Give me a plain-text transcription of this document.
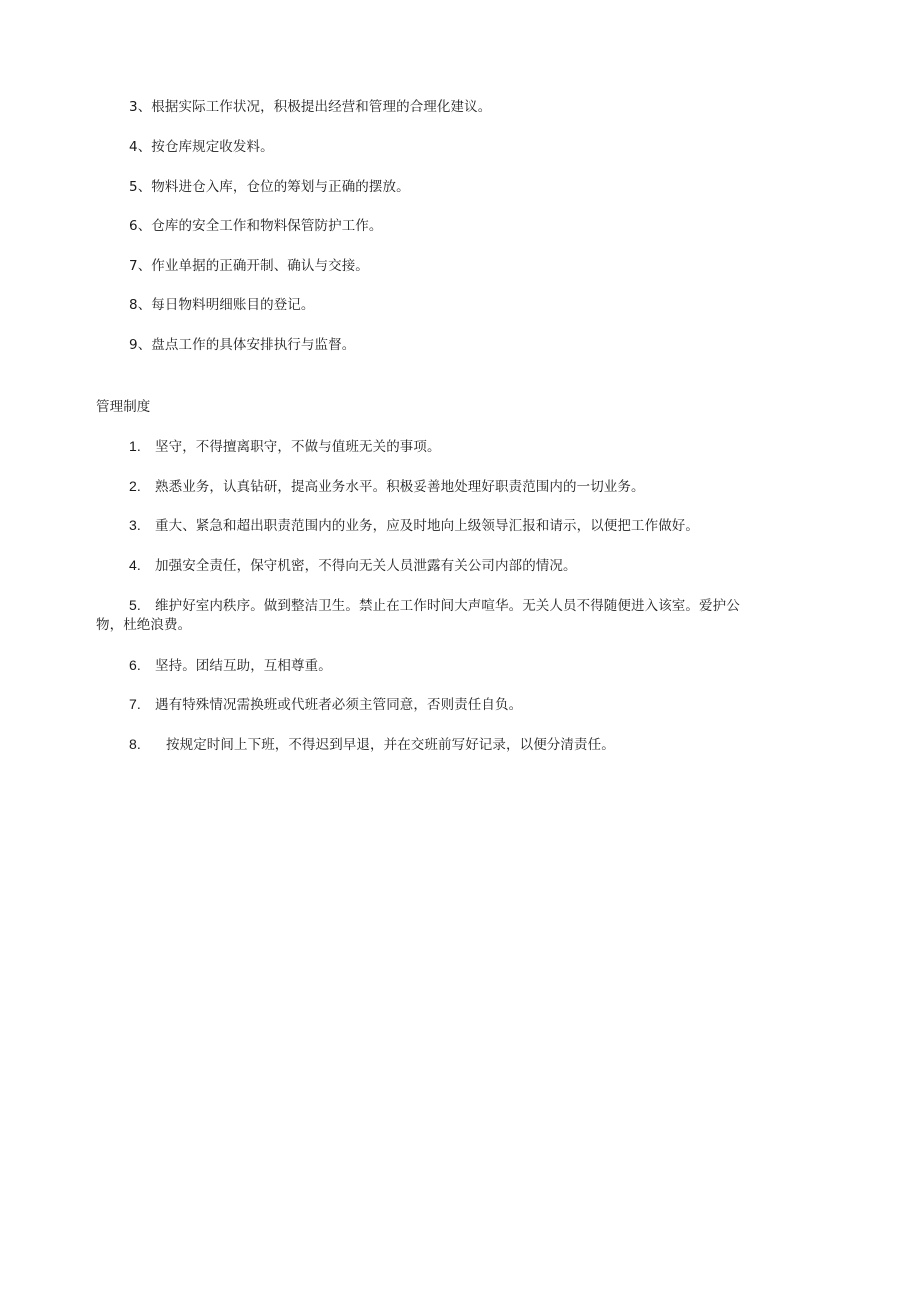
3、根据实际工作状况，积极提出经营和管理的合理化建议。
4、按仓库规定收发料。
5、物料进仓入库，仓位的筹划与正确的摆放。
6、仓库的安全工作和物料保管防护工作。
7、作业单据的正确开制、确认与交接。
8、每日物料明细账目的登记。
9、盘点工作的具体安排执行与监督。
管理制度
1. 坚守，不得擅离职守，不做与值班无关的事项。
2. 熟悉业务，认真钻研，提高业务水平。积极妥善地处理好职责范围内的一切业务。
3. 重大、紧急和超出职责范围内的业务，应及时地向上级领导汇报和请示，以便把工作做好。
4. 加强安全责任，保守机密，不得向无关人员泄露有关公司内部的情况。
5. 维护好室内秩序。做到整洁卫生。禁止在工作时间大声喧华。无关人员不得随便进入该室。爱护公
物，杜绝浪费。
6. 坚持。团结互助，互相尊重。
7. 遇有特殊情况需换班或代班者必须主管同意，否则责任自负。
8. 按规定时间上下班，不得迟到早退，并在交班前写好记录，以便分清责任。
